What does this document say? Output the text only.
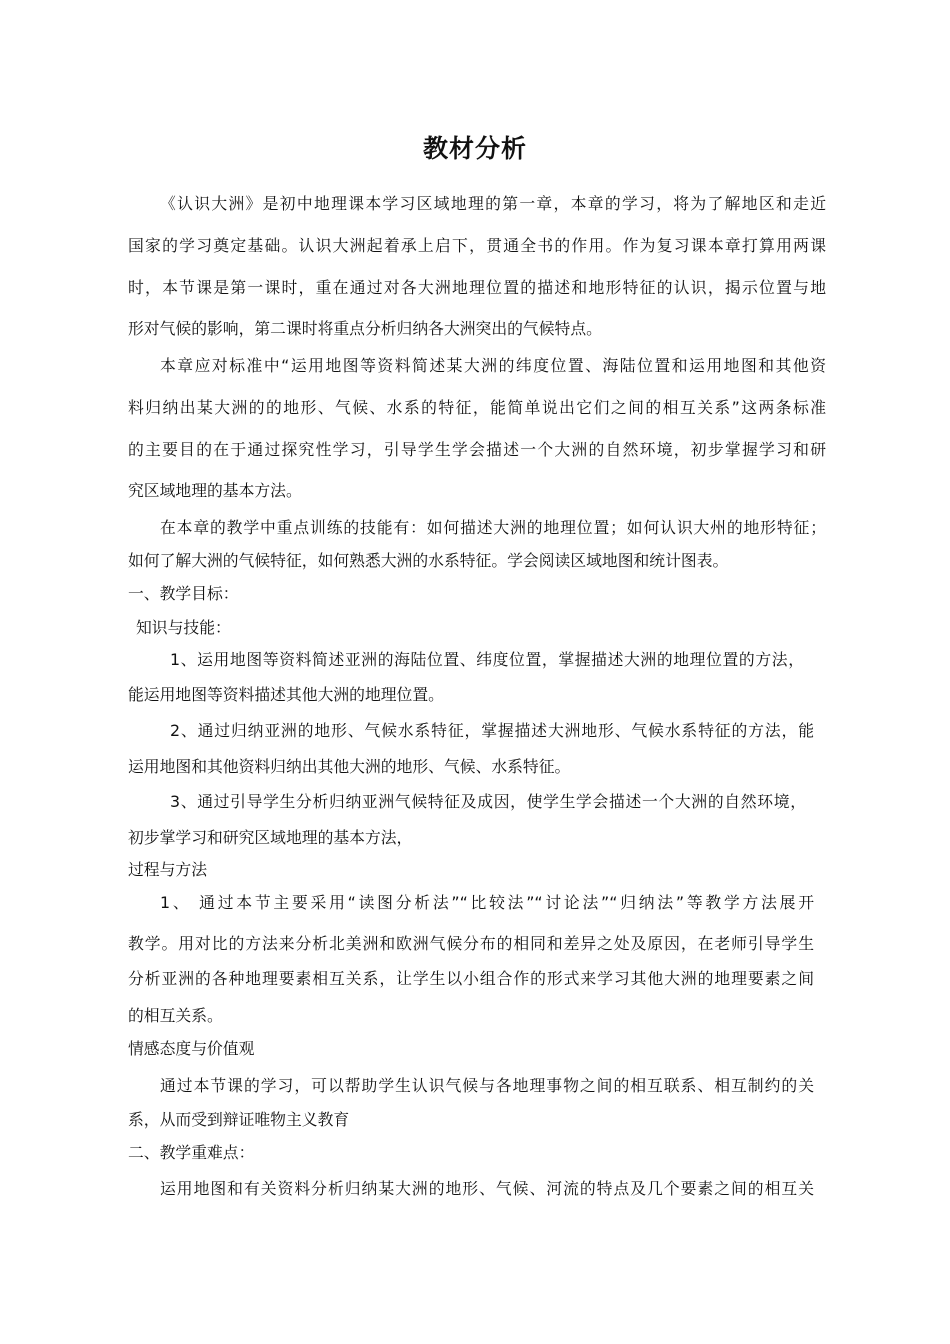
教材分析

《认识大洲》是初中地理课本学习区域地理的第一章，本章的学习，将为了解地区和走近

国家的学习奠定基础。认识大洲起着承上启下，贯通全书的作用。作为复习课本章打算用两课

时，本节课是第一课时，重在通过对各大洲地理位置的描述和地形特征的认识，揭示位置与地

形对气候的影响，第二课时将重点分析归纳各大洲突出的气候特点。

本章应对标准中“运用地图等资料简述某大洲的纬度位置、海陆位置和运用地图和其他资

料归纳出某大洲的的地形、气候、水系的特征，能简单说出它们之间的相互关系”这两条标准

的主要目的在于通过探究性学习，引导学生学会描述一个大洲的自然环境，初步掌握学习和研

究区域地理的基本方法。

在本章的教学中重点训练的技能有：如何描述大洲的地理位置；如何认识大州的地形特征；

如何了解大洲的气候特征，如何熟悉大洲的水系特征。学会阅读区域地图和统计图表。

一、教学目标：

知识与技能：

1、运用地图等资料简述亚洲的海陆位置、纬度位置，掌握描述大洲的地理位置的方法，

能运用地图等资料描述其他大洲的地理位置。

2、通过归纳亚洲的地形、气候水系特征，掌握描述大洲地形、气候水系特征的方法，能

运用地图和其他资料归纳出其他大洲的地形、气候、水系特征。

3、通过引导学生分析归纳亚洲气候特征及成因，使学生学会描述一个大洲的自然环境，

初步掌学习和研究区域地理的基本方法，

过程与方法

1、 通过本节主要采用“读图分析法”“比较法”“讨论法”“归纳法”等教学方法展开

教学。用对比的方法来分析北美洲和欧洲气候分布的相同和差异之处及原因，在老师引导学生

分析亚洲的各种地理要素相互关系，让学生以小组合作的形式来学习其他大洲的地理要素之间

的相互关系。

情感态度与价值观

通过本节课的学习，可以帮助学生认识气候与各地理事物之间的相互联系、相互制约的关

系，从而受到辩证唯物主义教育

二、教学重难点：

运用地图和有关资料分析归纳某大洲的地形、气候、河流的特点及几个要素之间的相互关
